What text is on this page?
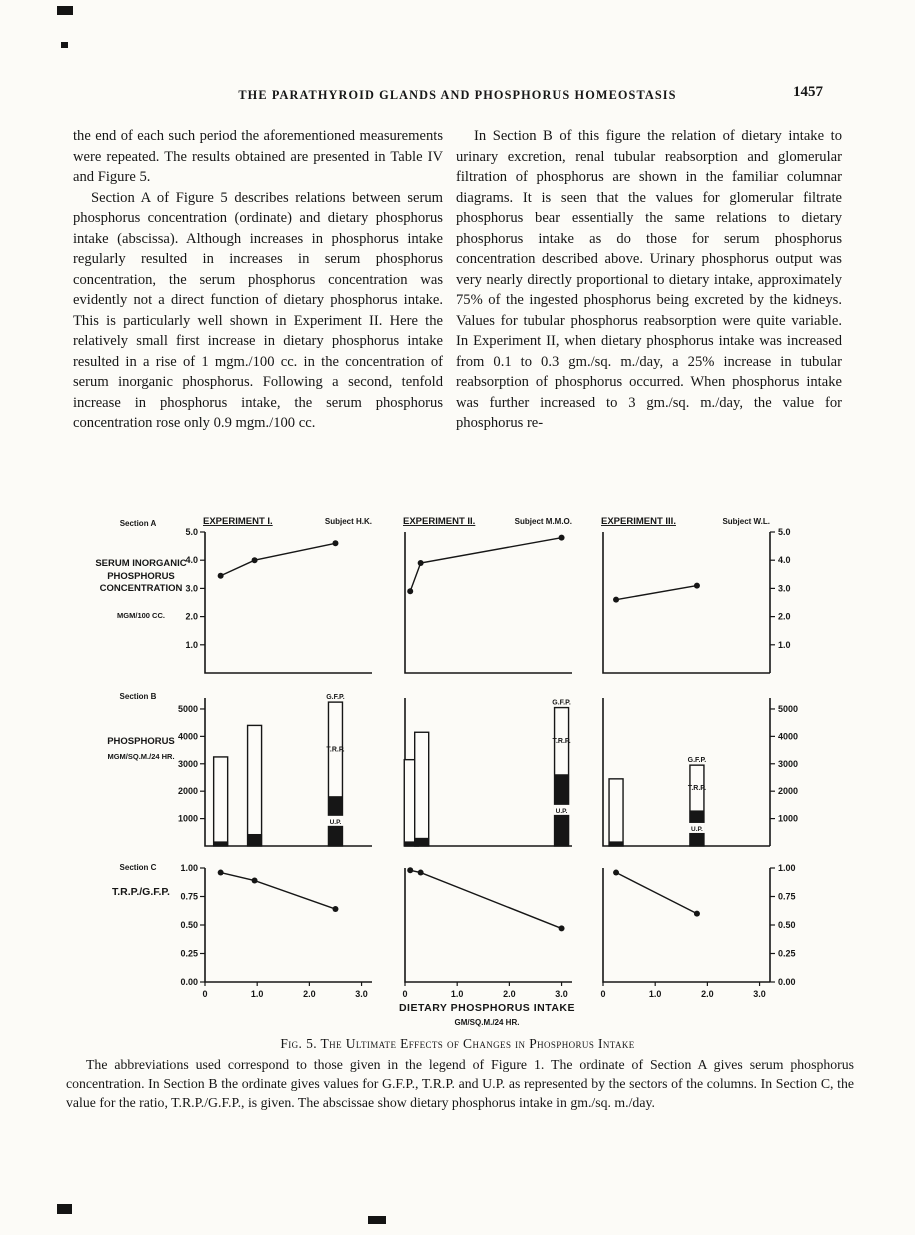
THE PARATHYROID GLANDS AND PHOSPHORUS HOMEOSTASIS	1457

the end of each such period the aforementioned measurements were repeated. The results obtained are presented in Table IV and Figure 5.

Section A of Figure 5 describes relations between serum phosphorus concentration (ordinate) and dietary phosphorus intake (abscissa). Although increases in phosphorus intake regularly resulted in increases in serum phosphorus concentration, the serum phosphorus concentration was evidently not a direct function of dietary phosphorus intake. This is particularly well shown in Experiment II. Here the relatively small first increase in dietary phosphorus intake resulted in a rise of 1 mgm./100 cc. in the concentration of serum inorganic phosphorus. Following a second, tenfold increase in phosphorus intake, the serum phosphorus concentration rose only 0.9 mgm./100 cc.

In Section B of this figure the relation of dietary intake to urinary excretion, renal tubular reabsorption and glomerular filtration of phosphorus are shown in the familiar columnar diagrams. It is seen that the values for glomerular filtrate phosphorus bear essentially the same relations to dietary phosphorus intake as do those for serum phosphorus concentration described above. Urinary phosphorus output was very nearly directly proportional to dietary intake, approximately 75% of the ingested phosphorus being excreted by the kidneys. Values for tubular phosphorus reabsorption were quite variable. In Experiment II, when dietary phosphorus intake was increased from 0.1 to 0.3 gm./sq. m./day, a 25% increase in tubular reabsorption of phosphorus occurred. When phosphorus intake was further increased to 3 gm./sq. m./day, the value for phosphorus re-

Section A
SERUM INORGANIC PHOSPHORUS CONCENTRATION
MGM/100 CC.
Section B
PHOSPHORUS
MGM/SQ.M./24 HR.
Section C
T.R.P./G.F.P.
5.0
4.0
3.0
2.0
1.0
EXPERIMENT I.	Subject H.K.	EXPERIMENT II.	Subject M.M.O.
5.0
4.0
3.0
2.0
1.0
EXPERIMENT III.	Subject W.L.
5000
4000
3000
2000
1000
G.F.P.
T.R.P.
U.P.
G.F.P.
T.R.P.
U.P.
5000
4000
3000
2000
1000
G.F.P.
T.R.P.
U.P.
1.00
0.75
0.50
0.25
0.00
0	1.0	2.0	3.0	0	1.0	2.0	3.0
1.00
0.75
0.50
0.25
0.00
0	1.0	2.0	3.0
DIETARY PHOSPHORUS INTAKE
GM/SQ.M./24 HR.
Fig. 5. The Ultimate Effects of Changes in Phosphorus Intake

The abbreviations used correspond to those given in the legend of Figure 1. The ordinate of Section A gives serum phosphorus concentration. In Section B the ordinate gives values for G.F.P., T.R.P. and U.P. as represented by the sectors of the columns. In Section C, the value for the ratio, T.R.P./G.F.P., is given. The abscissae show dietary phosphorus intake in gm./sq. m./day.
